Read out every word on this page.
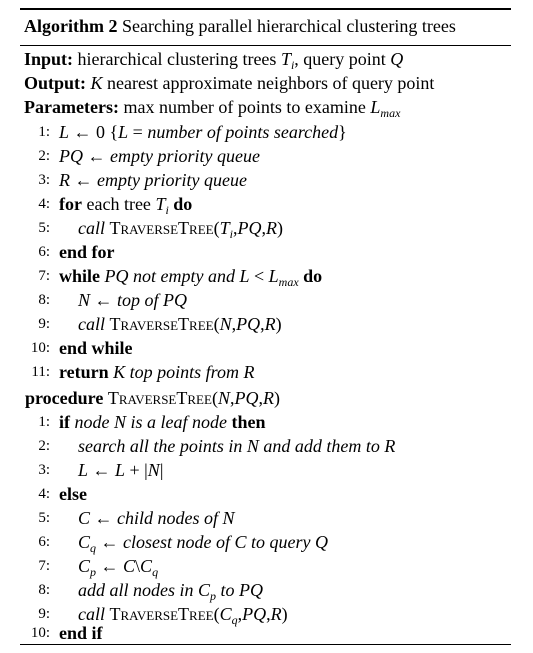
Algorithm 2 Searching parallel hierarchical clustering trees
Input: hierarchical clustering trees $T_i$, query point Q
Output: K nearest approximate neighbors of query point
Parameters: max number of points to examine $L_{max}$
1: L ← 0 {L = number of points searched}
2: PQ ← empty priority queue
3: R ← empty priority queue
4: for each tree $T_i$ do
5: call $TraverseTree(T_i,PQ,R)$
6: end for
7: while PQ not empty and $L < L_{max}$ do
8: N ← top of PQ
9: call TraverseTree(N,PQ,R)
10: end while
11: return K top points from R
procedure TraverseTree(N,PQ,R)
1: if node N is a leaf node then
2: search all the points in N and add them to R
3: L ← L + |N|
4: else
5: C ← child nodes of N
6: $C_q$ ← closest node of C to query Q
7: $C_p$ ← $C\backslash C_q$
8: add all nodes in $C_p$ to PQ
9: call $TraverseTree(C_q,PQ,R)$
10: end if
